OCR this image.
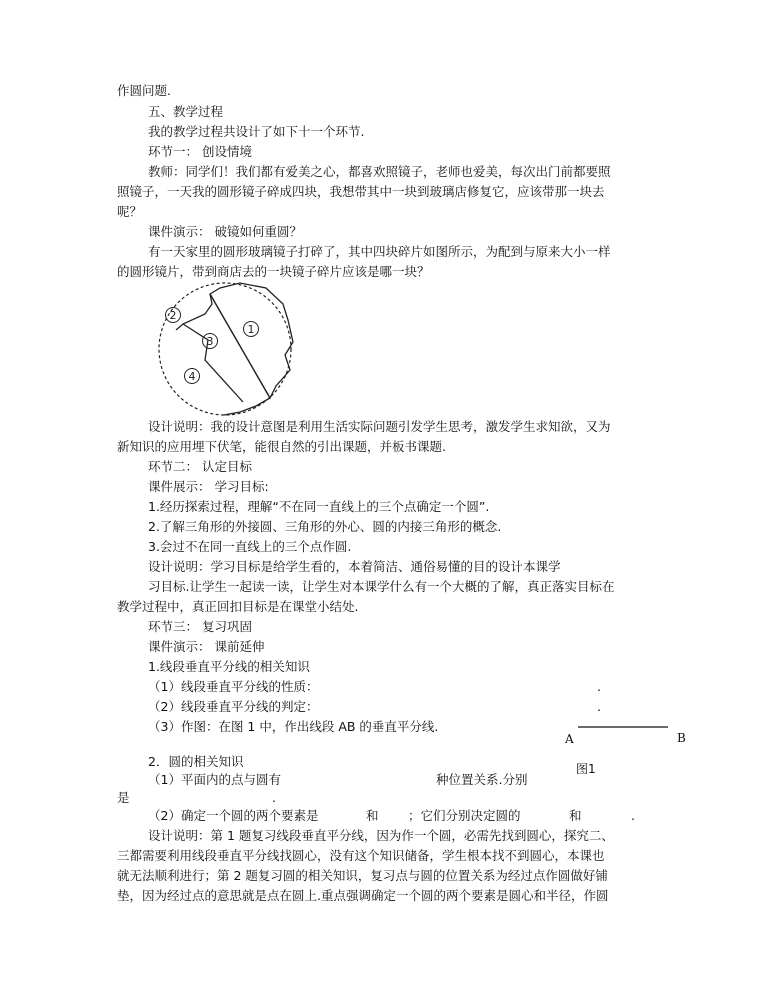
作圆问题.
五、教学过程
我的教学过程共设计了如下十一个环节.
环节一： 创设情境
教师：同学们！我们都有爱美之心，都喜欢照镜子，老师也爱美，每次出门前都要照
照镜子，一天我的圆形镜子碎成四块，我想带其中一块到玻璃店修复它，应该带那一块去
呢？
课件演示： 破镜如何重圆？
有一天家里的圆形玻璃镜子打碎了，其中四块碎片如图所示，为配到与原来大小一样
的圆形镜片，带到商店去的一块镜子碎片应该是哪一块？
1
2
3
4
设计说明：我的设计意图是利用生活实际问题引发学生思考，激发学生求知欲，又为
新知识的应用埋下伏笔，能很自然的引出课题，并板书课题.
环节二： 认定目标
课件展示： 学习目标:
1.经历探索过程，理解“不在同一直线上的三个点确定一个圆”.
2.了解三角形的外接圆、三角形的外心、圆的内接三角形的概念.
3.会过不在同一直线上的三个点作圆.
设计说明：学习目标是给学生看的，本着简洁、通俗易懂的目的设计本课学
习目标.让学生一起读一读，让学生对本课学什么有一个大概的了解，真正落实目标在
教学过程中，真正回扣目标是在课堂小结处.
环节三： 复习巩固
课件演示： 课前延伸
1.线段垂直平分线的相关知识
（1）线段垂直平分线的性质：	.
（2）线段垂直平分线的判定：	.
（3）作图：在图 1 中，作出线段 AB 的垂直平分线.
A	B
图1
2．圆的相关知识
（1）平面内的点与圆有	种位置关系.分别
是	.
（2）确定一个圆的两个要素是	和 ；它们分别决定圆的	和	.
设计说明：第 1 题复习线段垂直平分线，因为作一个圆，必需先找到圆心，探究二、
三都需要利用线段垂直平分线找圆心，没有这个知识储备，学生根本找不到圆心，本课也
就无法顺利进行；第 2 题复习圆的相关知识，复习点与圆的位置关系为经过点作圆做好铺
垫，因为经过点的意思就是点在圆上.重点强调确定一个圆的两个要素是圆心和半径，作圆
